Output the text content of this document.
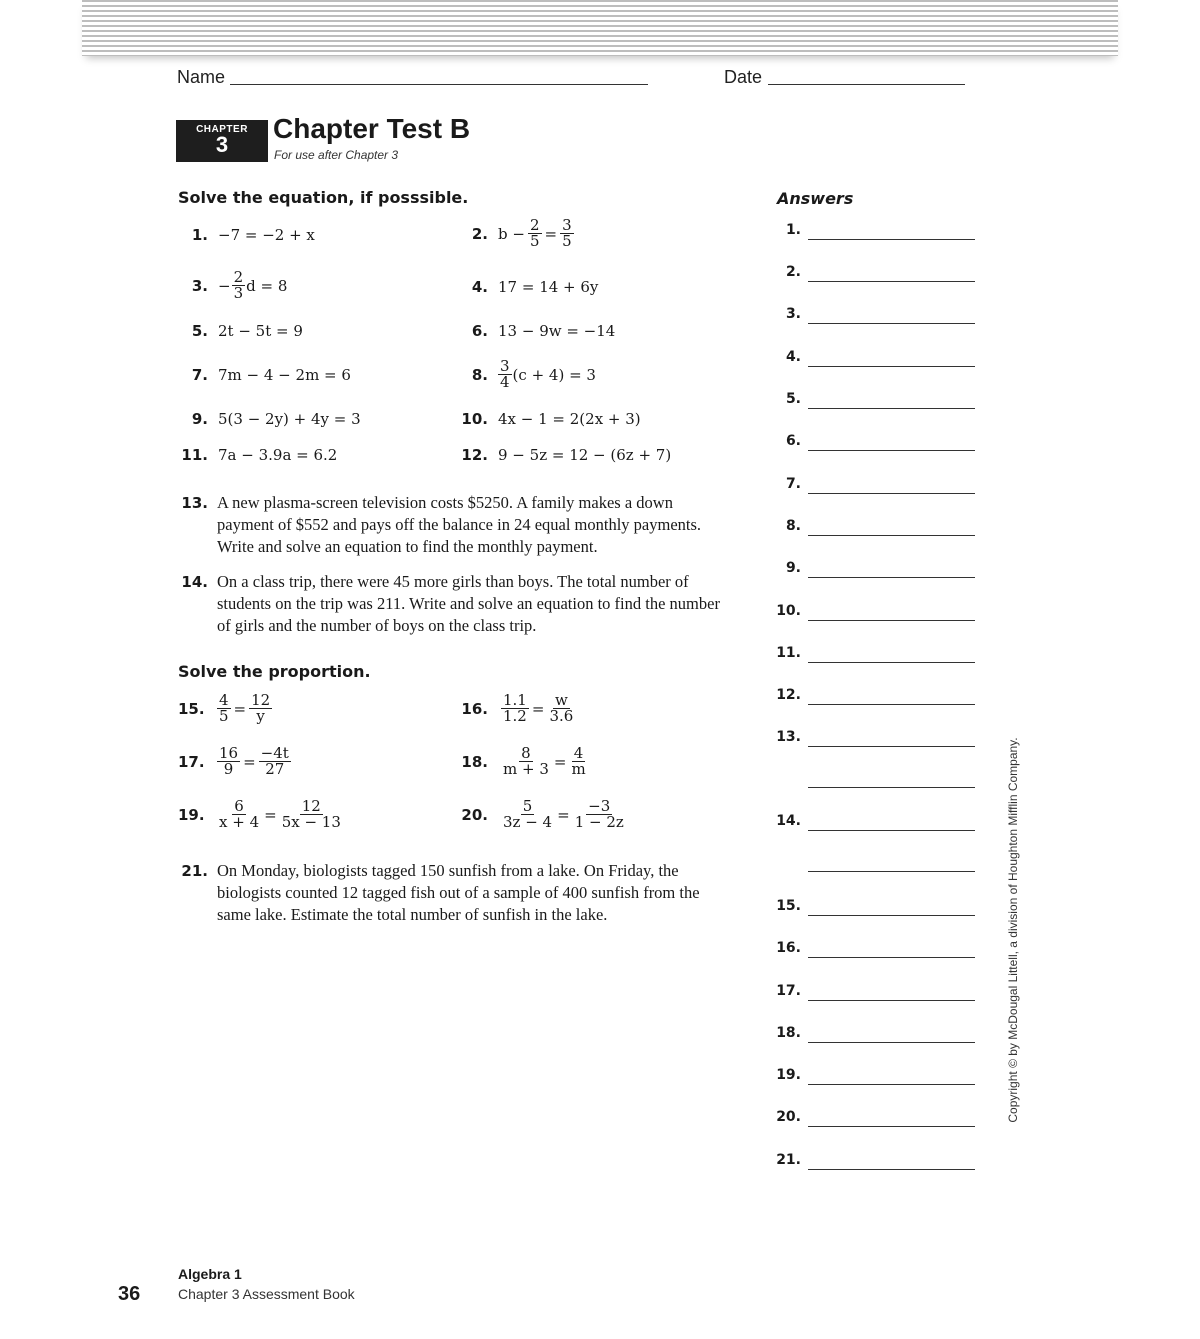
Name	Date
CHAPTER
3
Chapter Test B
For use after Chapter 3
Solve the equation, if posssible.
1. −7 = −2 + x	2. $b - \frac{2}{5} = \frac{3}{5}$
3. − $\frac{2}{3}$ d = 8	4. 17 = 14 + 6y
5. 2t − 5t = 9	6. 13 − 9w = −14
7. 7m − 4 − 2m = 6	8. $\frac{3}{4} (c + 4) = 3$
9. 5(3 − 2y) + 4y = 3	10. 4x − 1 = 2(2x + 3)
11. 7a − 3.9a = 6.2	12. 9 − 5z = 12 − (6z + 7)
13. A new plasma-screen television costs $5250. A family makes a down payment of $552 and pays off the balance in 24 equal monthly payments. Write and solve an equation to find the monthly payment.
14. On a class trip, there were 45 more girls than boys. The total number of students on the trip was 211. Write and solve an equation to find the number of girls and the number of boys on the class trip.
Solve the proportion.
15. $\frac{4}{5} = \frac{12}{y}$	16. $\frac{1.1}{1.2} = \frac{w}{3.6}$
17. $\frac{16}{9} = \frac{-4t}{27}$	18. $\frac{8}{m + 3} = \frac{4}{m}$
19. $\frac{6}{x + 4} = \frac{12}{5x - 13}$	20. $\frac{5}{3z - 4} = \frac{-3}{1 - 2z}$
21. On Monday, biologists tagged 150 sunfish from a lake. On Friday, the biologists counted 12 tagged fish out of a sample of 400 sunfish from the same lake. Estimate the total number of sunfish in the lake.
Answers
1.
2.
3.
4.
5.
6.
7.
8.
9.
10.
11.
12.
13.
14.
15.
16.
17.
18.
19.
20.
21.
Copyright © by McDougal Littell, a division of Houghton Mifflin Company.
36
Algebra 1
Chapter 3 Assessment Book
